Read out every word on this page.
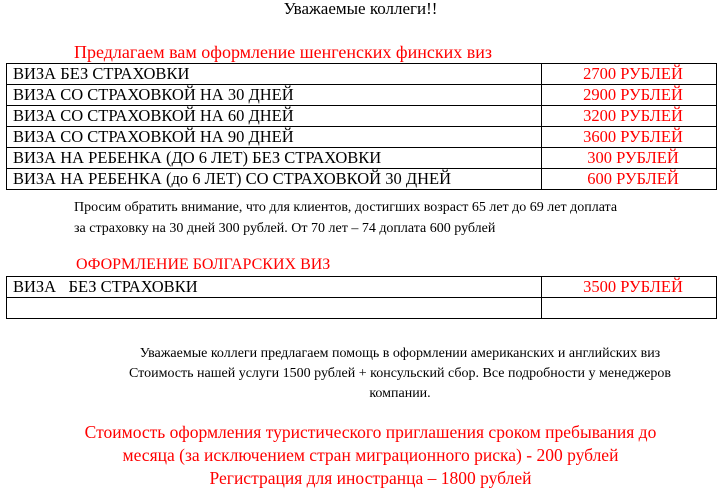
Уважаемые коллеги!!
Предлагаем вам оформление шенгенских финских виз
ВИЗА БЕЗ СТРАХОВКИ	2700 РУБЛЕЙ
ВИЗА СО СТРАХОВКОЙ НА 30 ДНЕЙ	2900 РУБЛЕЙ
ВИЗА СО СТРАХОВКОЙ НА 60 ДНЕЙ	3200 РУБЛЕЙ
ВИЗА СО СТРАХОВКОЙ НА 90 ДНЕЙ	3600 РУБЛЕЙ
ВИЗА НА РЕБЕНКА (ДО 6 ЛЕТ) БЕЗ СТРАХОВКИ	300 РУБЛЕЙ
ВИЗА НА РЕБЕНКА (до 6 ЛЕТ) СО СТРАХОВКОЙ 30 ДНЕЙ	600 РУБЛЕЙ
Просим обратить внимание, что для клиентов, достигших возраст 65 лет до 69 лет доплата
за страховку на 30 дней 300 рублей. От 70 лет – 74 доплата 600 рублей
ОФОРМЛЕНИЕ БОЛГАРСКИХ ВИЗ
ВИЗА   БЕЗ СТРАХОВКИ	3500 РУБЛЕЙ

Уважаемые коллеги предлагаем помощь в оформлении американских и английских виз
Стоимость нашей услуги 1500 рублей + консульский сбор. Все подробности у менеджеров
компании.
Стоимость оформления туристического приглашения сроком пребывания до
месяца (за исключением стран миграционного риска) - 200 рублей
Регистрация для иностранца – 1800 рублей
